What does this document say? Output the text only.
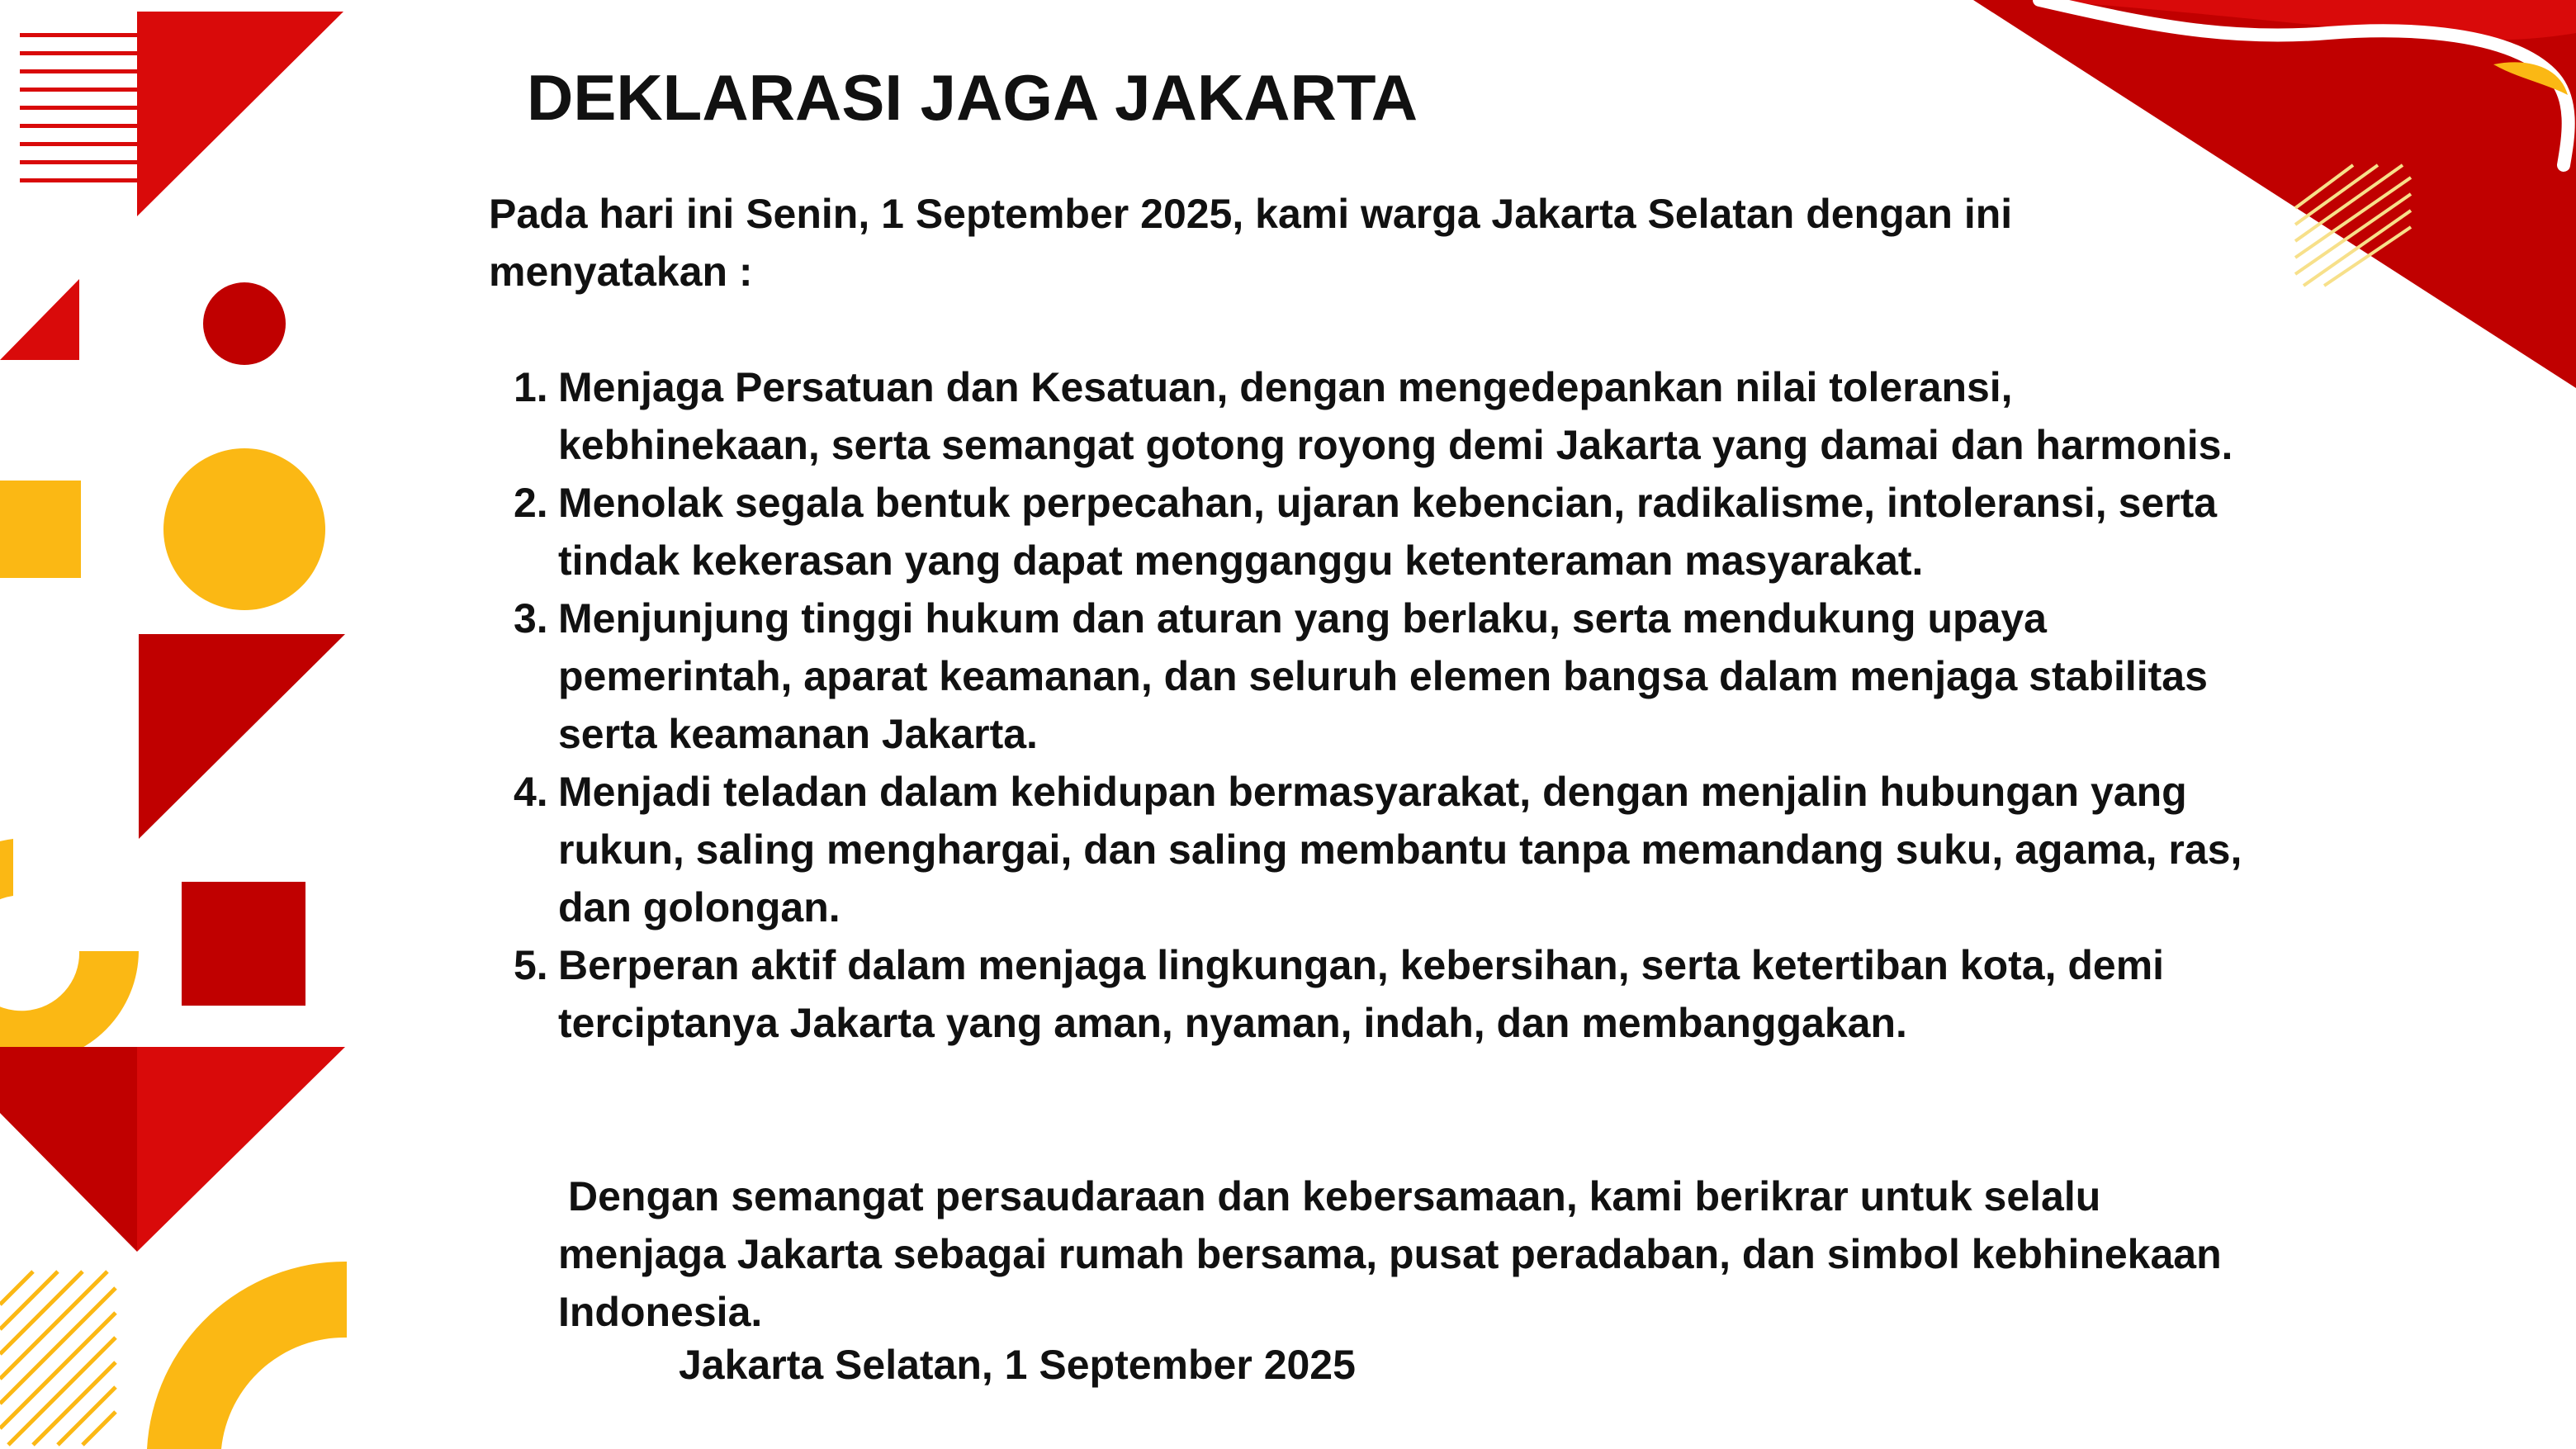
DEKLARASI JAGA JAKARTA

Pada hari ini Senin, 1 September 2025, kami warga Jakarta Selatan dengan ini menyatakan :

1. Menjaga Persatuan dan Kesatuan, dengan mengedepankan nilai toleransi, kebhinekaan, serta semangat gotong royong demi Jakarta yang damai dan harmonis.
2. Menolak segala bentuk perpecahan, ujaran kebencian, radikalisme, intoleransi, serta tindak kekerasan yang dapat mengganggu ketenteraman masyarakat.
3. Menjunjung tinggi hukum dan aturan yang berlaku, serta mendukung upaya pemerintah, aparat keamanan, dan seluruh elemen bangsa dalam menjaga stabilitas serta keamanan Jakarta.
4. Menjadi teladan dalam kehidupan bermasyarakat, dengan menjalin hubungan yang rukun, saling menghargai, dan saling membantu tanpa memandang suku, agama, ras, dan golongan.
5. Berperan aktif dalam menjaga lingkungan, kebersihan, serta ketertiban kota, demi terciptanya Jakarta yang aman, nyaman, indah, dan membanggakan.

Dengan semangat persaudaraan dan kebersamaan, kami berikrar untuk selalu menjaga Jakarta sebagai rumah bersama, pusat peradaban, dan simbol kebhinekaan Indonesia.

Jakarta Selatan, 1 September 2025
